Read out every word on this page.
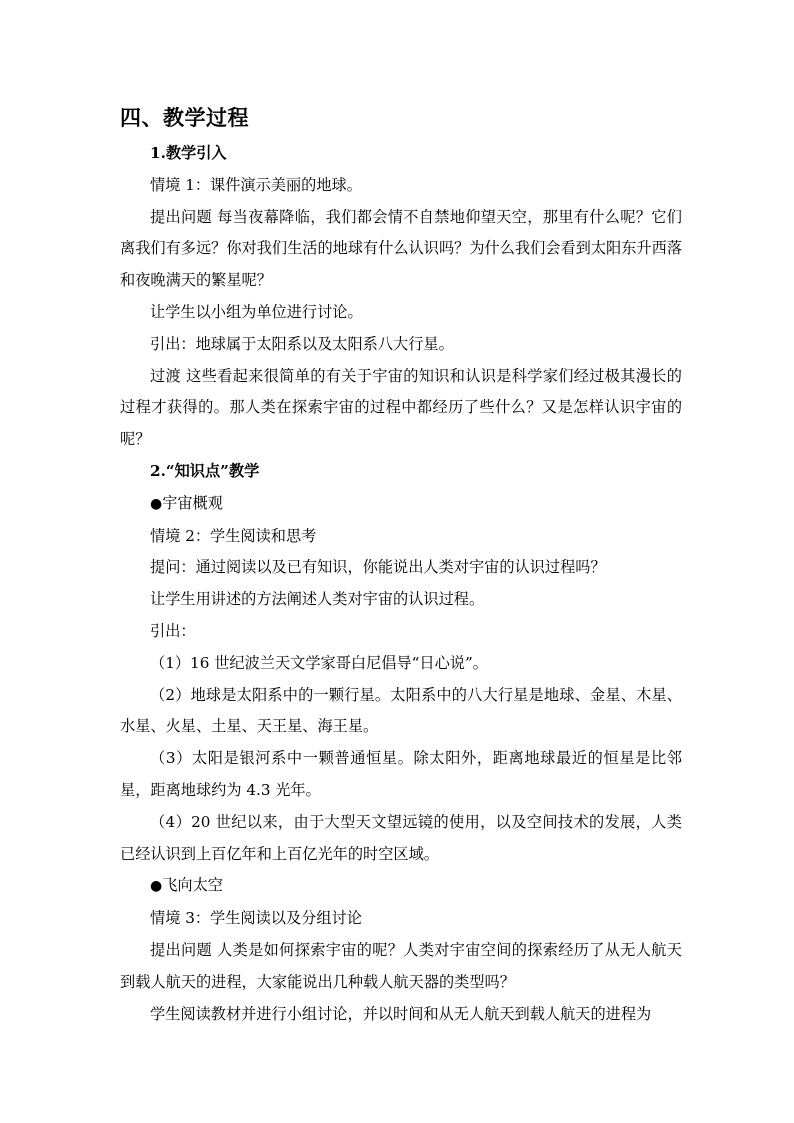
四、教学过程

1.教学引入

情境 1：课件演示美丽的地球。

提出问题 每当夜幕降临，我们都会情不自禁地仰望天空，那里有什么呢？它们离我们有多远？你对我们生活的地球有什么认识吗？为什么我们会看到太阳东升西落和夜晚满天的繁星呢？

让学生以小组为单位进行讨论。

引出：地球属于太阳系以及太阳系八大行星。

过渡 这些看起来很简单的有关于宇宙的知识和认识是科学家们经过极其漫长的过程才获得的。那人类在探索宇宙的过程中都经历了些什么？又是怎样认识宇宙的呢？

2.“知识点”教学

● 宇宙概观

情境 2：学生阅读和思考

提问：通过阅读以及已有知识，你能说出人类对宇宙的认识过程吗？

让学生用讲述的方法阐述人类对宇宙的认识过程。

引出：

（1）16 世纪波兰天文学家哥白尼倡导“日心说”。

（2）地球是太阳系中的一颗行星。太阳系中的八大行星是地球、金星、木星、水星、火星、土星、天王星、海王星。

（3）太阳是银河系中一颗普通恒星。除太阳外，距离地球最近的恒星是比邻星，距离地球约为 4.3 光年。

（4）20 世纪以来，由于大型天文望远镜的使用，以及空间技术的发展，人类已经认识到上百亿年和上百亿光年的时空区域。

● 飞向太空

情境 3：学生阅读以及分组讨论

提出问题 人类是如何探索宇宙的呢？人类对宇宙空间的探索经历了从无人航天到载人航天的进程，大家能说出几种载人航天器的类型吗？

学生阅读教材并进行小组讨论，并以时间和从无人航天到载人航天的进程为
